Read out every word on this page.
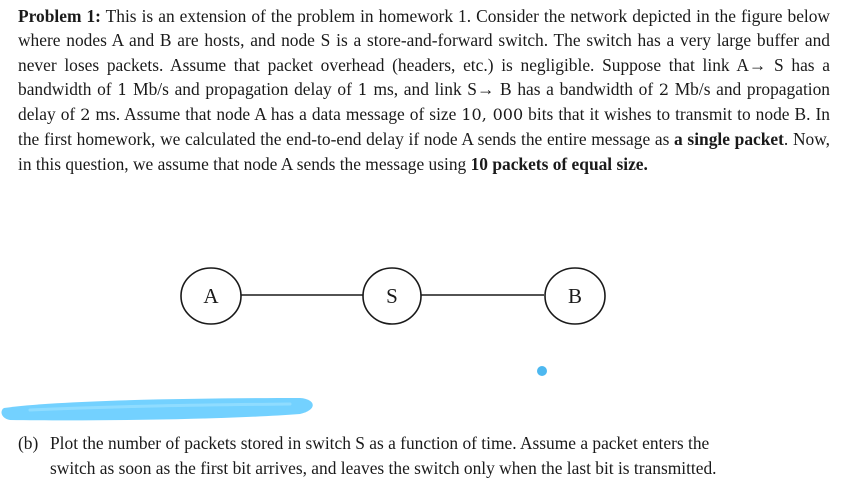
Problem 1: This is an extension of the problem in homework 1. Consider the network depicted in the figure below where nodes A and B are hosts, and node S is a store-and-forward switch. The switch has a very large buffer and never loses packets. Assume that packet overhead (headers, etc.) is negligible. Suppose that link A→ S has a bandwidth of 1 Mb/s and propagation delay of 1 ms, and link S→ B has a bandwidth of 2 Mb/s and propagation delay of 2 ms. Assume that node A has a data message of size 10, 000 bits that it wishes to transmit to node B. In the first homework, we calculated the end-to-end delay if node A sends the entire message as a single packet. Now, in this question, we assume that node A sends the message using 10 packets of equal size.

A	S	B

(b) Plot the number of packets stored in switch S as a function of time. Assume a packet enters the
switch as soon as the first bit arrives, and leaves the switch only when the last bit is transmitted.
